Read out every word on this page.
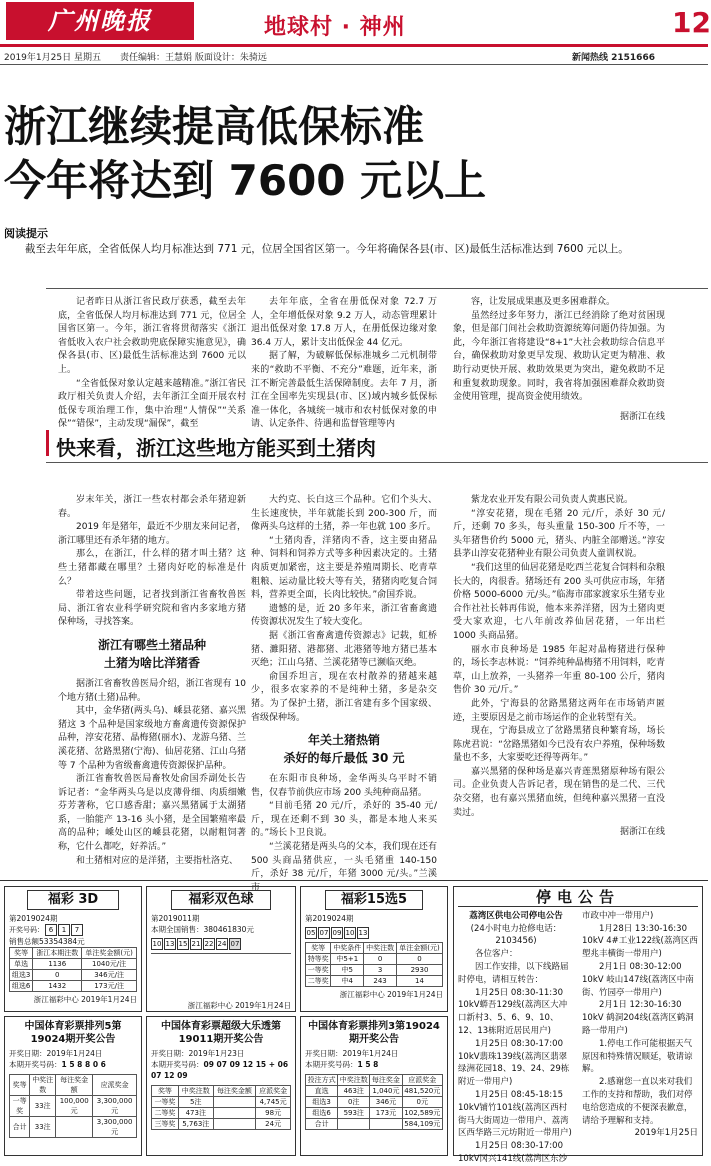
广州晚报	地球村 · 神州	12
2019年1月25日 星期五 责任编辑：王慧娟 版面设计：朱骑远	新闻热线 2151666
浙江继续提高低保标准
今年将达到 7600 元以上
阅读提示

截至去年年底，全省低保人均月标准达到 771 元，位居全国省区第一。今年将确保各县(市、区)最低生活标准达到 7600 元以上。

记者昨日从浙江省民政厅获悉，截至去年底，全省低保人均月标准达到 771 元，位居全国省区第一。今年，浙江省将贯彻落实《浙江省低收入农户社会救助兜底保障实施意见》，确保各县(市、区)最低生活标准达到 7600 元以上。

“全省低保对象认定越来越精准。”浙江省民政厅相关负责人介绍，去年浙江全面开展农村低保专项治理工作，集中治理“人情保”“关系保”“错保”，主动发现“漏保”，截至

去年年底，全省在册低保对象 72.7 万人，全年增低保对象 9.2 万人，动态管理累计退出低保对象 17.8 万人，在册低保边缘对象 36.4 万人，累计支出低保金 44 亿元。

据了解，为破解低保标准城乡二元机制带来的“救助不平衡、不充分”难题，近年来，浙江不断完善最低生活保障制度。去年 7 月，浙江在全国率先实现县(市、区)域内城乡低保标准一体化，各城统一城市和农村低保对象的申请、认定条件、待遇和监督管理等内

容，让发展成果惠及更多困难群众。

虽然经过多年努力，浙江已经消除了绝对贫困现象，但是部门间社会救助资源统筹问题仍待加强。为此，今年浙江省将建设“8+1”大社会救助综合信息平台，确保救助对象更早发现、救助认定更为精准、救助行动更快开展、救助效果更为突出，避免救助不足和重复救助现象。同时，我省将加强困难群众救助资金使用管理，提高资金使用绩效。

据浙江在线

快来看，浙江这些地方能买到土猪肉

岁末年关，浙江一些农村都会杀年猪迎新春。

2019 年是猪年，最近不少朋友来问记者，浙江哪里还有杀年猪的地方。

那么，在浙江，什么样的猪才叫土猪？这些土猪都藏在哪里？土猪肉好吃的标准是什么？

带着这些问题，记者找到浙江省畜牧兽医局、浙江省农业科学研究院和省内多家地方猪保种场，寻找答案。

浙江有哪些土猪品种
土猪为啥比洋猪香

据浙江省畜牧兽医局介绍，浙江省现有 10 个地方猪(土猪)品种。

其中，金华猪(两头乌)、嵊县花猪、嘉兴黑猪这 3 个品种是国家级地方畜禽遗传资源保护品种，淳安花猪、晶梅猪(丽水)、龙游乌猪、兰溪花猪、岔路黑猪(宁海)、仙居花猪、江山乌猪等 7 个品种为省级畜禽遗传资源保护品种。

浙江省畜牧兽医局畜牧处俞国乔副处长告诉记者：“金华两头乌是以皮薄骨细、肉质细嫩芬芳著称，它口感香甜；嘉兴黑猪属于太湖猪系，一胎能产 13-16 头小猪，是全国繁殖率最高的品种；嵊处山区的嵊县花猪，以耐粗饲著称，它什么都吃，好养活。”

和土猪相对应的是洋猪，主要指杜洛克、

大约克、长白这三个品种。它们个头大、生长速度快，半年就能长到 200-300 斤，而像两头乌这样的土猪，养一年也就 100 多斤。

“土猪肉香，洋猪肉不香，这主要由猪品种、饲料和饲养方式等多种因素决定的。土猪肉质更加紧密，这主要是养殖周期长、吃青草粗粮、运动量比较大等有关，猪猪肉吃复合饲料，营养更全面，长肉比较快。”俞国乔说。

遗憾的是，近 20 多年来，浙江省畜禽遗传资源状况发生了较大变化。

据《浙江省畜禽遗传资源志》记载，虹桥猪、濉阳猪、港都猪、北港猪等地方猪已基本灭绝；江山乌猪、兰溪花猪等已濒临灭绝。

俞国乔坦言，现在农村散养的猪越来越少，很多农家养的不是纯种土猪，多是杂交猪。为了保护土猪，浙江省建有多个国家级、省级保种场。

年关土猪热销
杀好的每斤最低 30 元

在东阳市良种场，金华两头乌平时不销售，仅春节前供应市场 200 头纯种商品猪。

“目前毛猪 20 元/斤，杀好的 35-40 元/斤，现在还剩不到 30 头，都是本地人来买的。”场长卜卫良说。

“兰溪花猪是两头乌的父本，我们现在还有 500 头商品猪供应，一头毛猪重 140-150 斤，杀好 38 元/斤，年猪 3000 元/头。”兰溪市

紫龙农业开发有限公司负责人黄惠民说。

“淳安花猪，现在毛猪 20 元/斤，杀好 30 元/斤，还剩 70 多头，每头重量 150-300 斤不等，一头年猪售价约 5000 元，猪头、内脏全部赠送。”淳安县茅山淳安花猪种业有限公司负责人童训权说。

“我们这里的仙居花猪是吃西兰花复合饲料和杂粮长大的，肉很香。猪场还有 200 头可供应市场，年猪价格 5000-6000 元/头。”临海市邵家渡家乐生猪专业合作社社长韩再伟说，他本来养洋猪，因为土猪肉更受大家欢迎，七八年前改养仙居花猪，一年出栏 1000 头商品猪。

丽水市良种场是 1985 年起对晶梅猪进行保种的，场长李志林说：“饲养纯种晶梅猪不用饲料，吃青草，山上放养，一头猪养一年重 80-100 公斤，猪肉售价 30 元/斤。”

此外，宁海县的岔路黑猪这两年在市场销声匿迹，主要原因是之前市场运作的企业转型有关。

现在，宁海县成立了岔路黑猪良种繁育场，场长陈虎君说：“岔路黑猪如今已没有农户养殖，保种场数量也不多，大家要吃还得等两年。”

嘉兴黑猪的保种场是嘉兴青莲黑猪原种场有限公司。企业负责人告诉记者，现在销售的是二代、三代杂交猪，也有嘉兴黑猪血统，但纯种嘉兴黑猪一直没卖过。

据浙江在线

福彩 3D
第2019024期
开奖号码： 6 1 7
销售总额53354384元
奖等	浙江本期注数	单注奖金额(元)
单选	1136	1040元/注
组选3	0	346元/注
组选6	1432	173元/注
浙江福彩中心 2019年1月24日
福彩双色球
第2019011期
本期全国销售：380461830元
10 13 15 21 22 24 07
浙江福彩中心 2019年1月24日
福彩15选5
第2019024期
05 07 09 10 13
奖等	中奖条件	中奖注数	单注金额(元)
特等奖	中5+1	0	0
一等奖	中5	3	2930
二等奖	中4	243	14
浙江福彩中心 2019年1月24日
中国体育彩票排列5第19024期开奖公告
开奖日期：2019年1月24日
本期开奖号码：1 5 8 8 0 6
奖等	中奖注数	每注奖金额	应派奖金
一等奖	33注	100,000元	3,300,000元
合计	33注		3,300,000元
中国体育彩票超级大乐透第19011期开奖公告
开奖日期：2019年1月23日
本期开奖号码：09 07 09 12 15 + 06 07 12 09
奖等	中奖注数	每注奖金额	应派奖金
一等奖	5注		4,745元
二等奖	473注		98元
三等奖	5,763注		24元
中国体育彩票排列3第19024期开奖公告
开奖日期：2019年1月24日
本期开奖号码：1 5 8
投注方式	中奖注数	每注奖金	应派奖金
直选	463注	1,040元	481,520元
组选3	0注	346元	0元
组选6	593注	173元	102,589元
合计			584,109元
停电公告

荔湾区供电公司停电公告

(24小时电力抢修电话：2103456)

各位客户：

因工作安排，以下线路届时停电，请相互转告：

1月25日 08:30-11:30 10kV蟒吾129线(荔湾区大冲口新村3、5、6、9、10、12、13栋附近居民用户)

1月25日 08:30-17:00 10kV翡珠139线(荔湾区翡翠绿洲花园18、19、24、29栋附近一带用户)

1月25日 08:45-18:15 10kV铺竹101线(荔湾区西村街马大街周边一带用户、荔湾区西华路三元坊附近一带用户)

1月25日 08:30-17:00 10kV冈兴141线(荔湾区东沙市政中冲一带用户)

1月28日 13:30-16:30 10kV 4#工业122线(荔湾区西塱兆丰横街一带用户)

2月1日 08:30-12:00 10kV 岐山147线(荔湾区中南街、竹园亭一带用户)

2月1日 12:30-16:30 10kV 鹤洞204线(荔湾区鹤洞路一带用户)

1.停电工作可能根据天气原因和特殊情况顺延，敬请谅解。

2.感谢您一直以来对我们工作的支持和帮助，我们对停电给您造成的不便深表歉意，请给予理解和支持。

2019年1月25日
